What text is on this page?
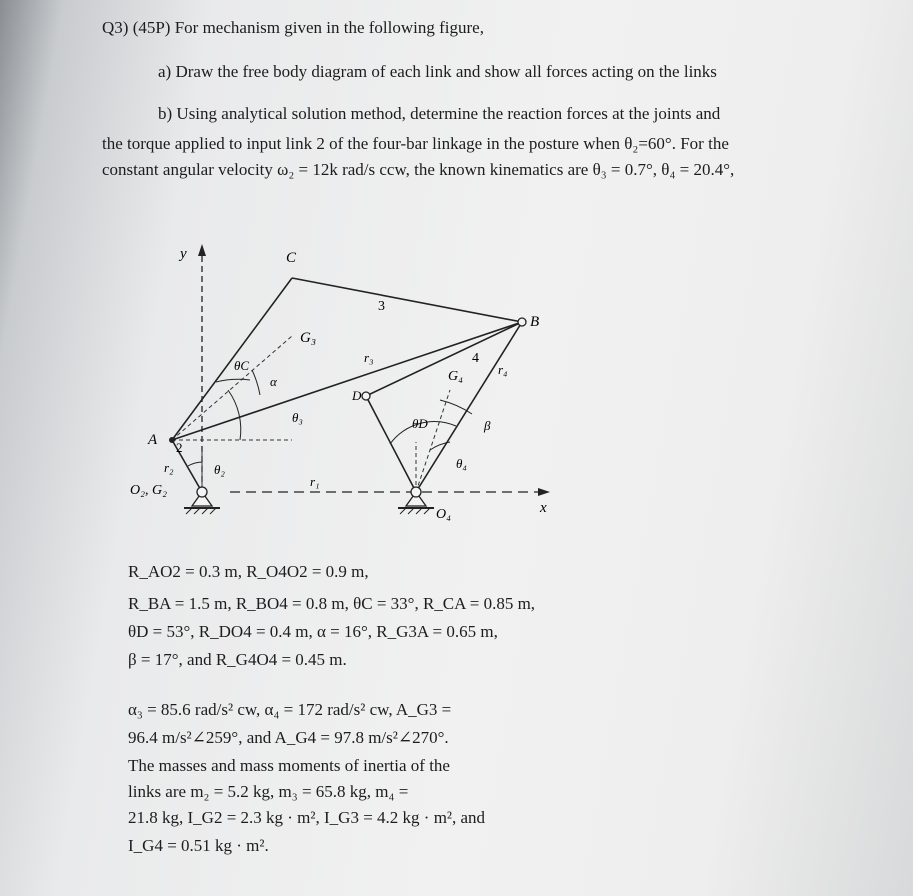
Q3) (45P) For mechanism given in the following figure,
a) Draw the free body diagram of each link and show all forces acting on the links
b) Using analytical solution method, determine the reaction forces at the joints and
the torque applied to input link 2 of the four-bar linkage in the posture when θ₂=60°. For the
constant angular velocity ω₂ = 12k rad/s ccw, the known kinematics are θ₃ = 0.7°, θ₄ = 20.4°,
y
x
C
B
A
D
G₃
G₄
3
4
2
r₃
r₄
r₂
r₁
θC
α
θ₃	θD	β
θ₂	θ₄
O₂, G₂
O₄
R_AO2 = 0.3 m, R_O4O2 = 0.9 m,
R_BA = 1.5 m, R_BO4 = 0.8 m, θC = 33°, R_CA = 0.85 m,
θD = 53°, R_DO4 = 0.4 m, α = 16°, R_G3A = 0.65 m,
β = 17°, and R_G4O4 = 0.45 m.
α₃ = 85.6 rad/s² cw, α₄ = 172 rad/s² cw, A_G3 =
96.4 m/s²∠259°, and A_G4 = 97.8 m/s²∠270°.
The masses and mass moments of inertia of the
links are m₂ = 5.2 kg, m₃ = 65.8 kg, m₄ =
21.8 kg, I_G2 = 2.3 kg · m², I_G3 = 4.2 kg · m², and
I_G4 = 0.51 kg · m².
